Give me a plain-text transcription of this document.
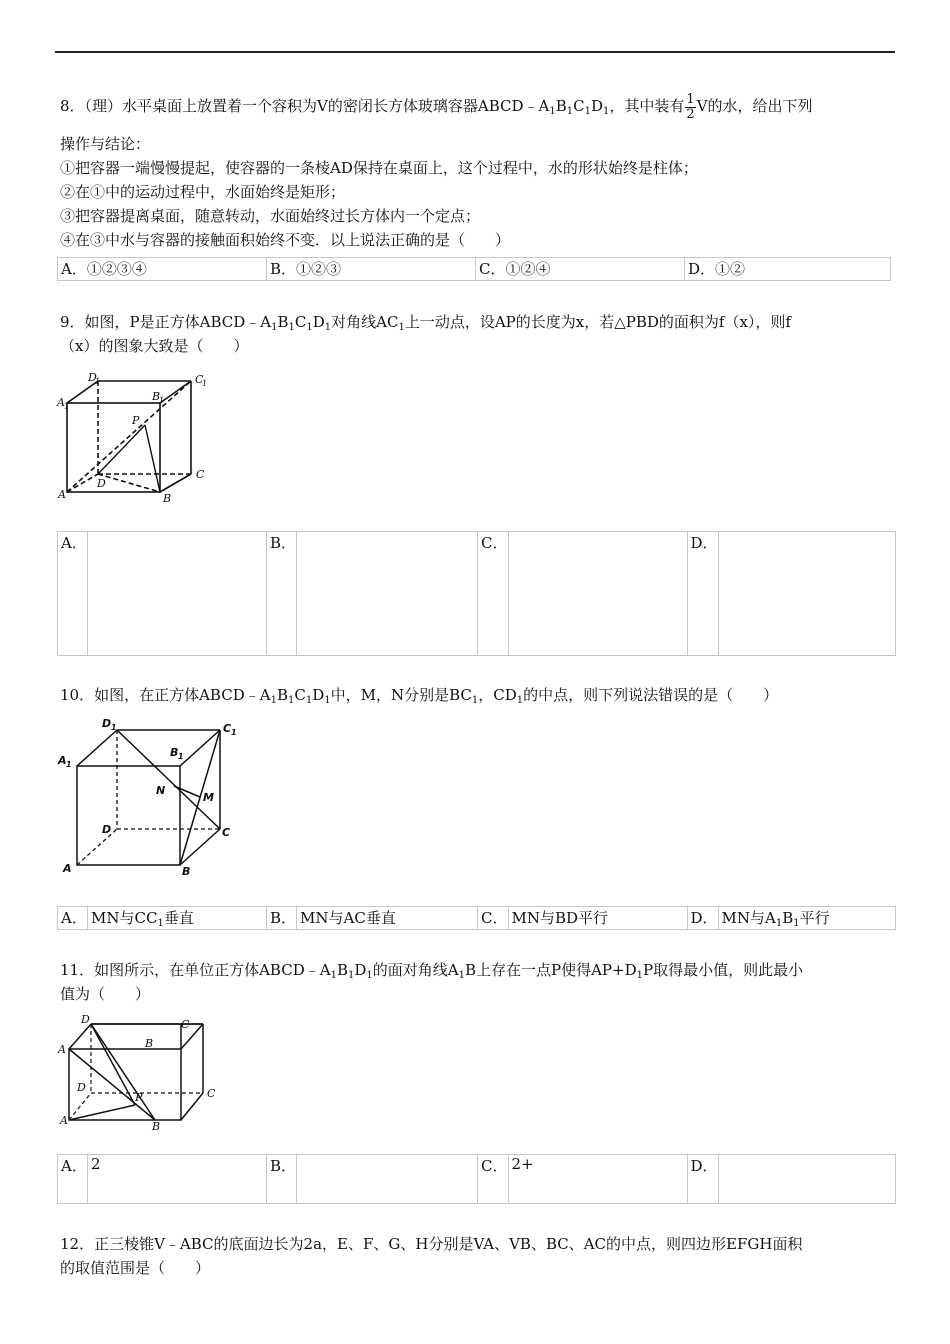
8．（理）水平桌面上放置着一个容积为V的密闭长方体玻璃容器$ABCD﹣A_1B_1C_1D_1$，其中装有 $\frac{1}{2}$ V的水，给出下列

操作与结论：

①把容器一端慢慢提起，使容器的一条棱AD保持在桌面上，这个过程中，水的形状始终是柱体；

②在①中的运动过程中，水面始终是矩形；

③把容器提离桌面，随意转动，水面始终过长方体内一个定点；

④在③中水与容器的接触面积始终不变．以上说法正确的是（　　）

A．①②③④	B．①②③	C．①②④	D．①②

9．如图，P是正方体$ABCD﹣A_1B_1C_1D_1$对角线$AC_1$上一动点，设AP的长度为x，若△PBD的面积为f（x），则f

（x）的图象大致是（　　）

D
1	C
1
A 1
B
1
P
D
C
A	B
A．		B．		C．		D．	

10．如图，在正方体$ABCD﹣A_1B_1C_1D_1$中，M，N分别是$BC_1$，$CD_1$的中点，则下列说法错误的是（　　）

D 1	C 1
A 1
B 1
N
M
D	C
A	B
A．	MN与$CC_1$垂直	B．	MN与AC垂直	C．	MN与BD平行	D．	MN与$A_1B_1$平行

11．如图所示，在单位正方体$ABCD﹣A_1B_1D_1$的面对角线$A_1B$上存在一点P使得$AP+D_1P$取得最小值，则此最小

值为（　　）

D	C
A	B
D
P	C
A	B
A．	2	B．		C．	2+	D．	

12．正三棱锥V﹣ABC的底面边长为2a，E、F、G、H分别是VA、VB、BC、AC的中点，则四边形EFGH面积

的取值范围是（　　）
